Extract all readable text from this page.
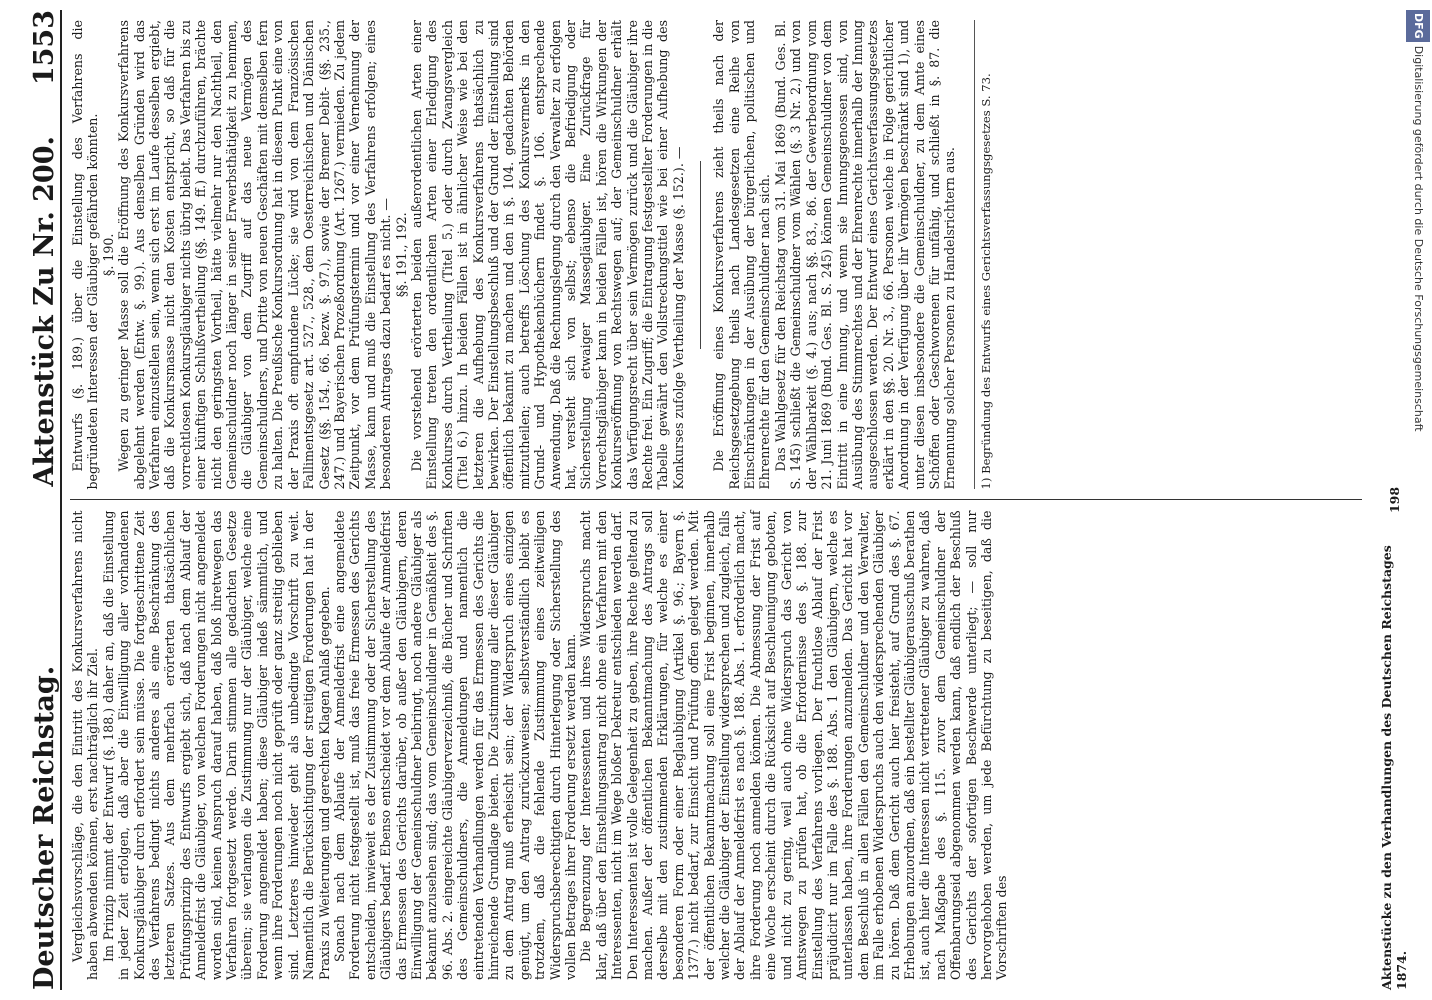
Deutscher Reichstag.
Aktenstück Zu Nr. 200.
1553

Vergleichsvorschläge, die den Eintritt des Konkursverfahrens nicht haben abwenden können, erst nachträglich ihr Ziel. Im Prinzip nimmt der Entwurf (§. 188.) daher an, daß die Einstellung in jeder Zeit erfolgen, daß aber die Einwilligung aller vorhandenen Konkursgläubiger durch erfordert sein müsse. Die fortgeschrittene Zeit des Verfahrens bedingt nichts anderes als eine Beschränkung des letzteren Satzes. Aus dem mehrfach erörterten thatsächlichen Prüfungsprinzip des Entwurfs ergiebt sich, daß nach dem Ablauf der Anmeldefrist die Gläubiger, von welchen Forderungen nicht angemeldet worden sind, keinen Anspruch darauf haben, daß bloß ihretwegen das Verfahren fortgesetzt werde. Darin stimmen alle gedachten Gesetze überein; sie verlangen die Zustimmung nur der Gläubiger, welche eine Forderung angemeldet haben; diese Gläubiger indeß sämmtlich, und wenn ihre Forderungen noch nicht geprüft oder ganz streitig geblieben sind. Letzteres hinwieder geht als unbedingte Vorschrift zu weit. Namentlich die Berücksichtigung der streitigen Forderungen hat in der Praxis zu Weiterungen und gerechten Klagen Anlaß gegeben. Sonach nach dem Ablaufe der Anmeldefrist eine angemeldete Forderung nicht festgestellt ist, muß das freie Ermessen des Gerichts entscheiden, inwieweit es der Zustimmung oder der Sicherstellung des Gläubigers bedarf. Ebenso entscheidet vor dem Ablaufe der Anmeldefrist das Ermessen des Gerichts darüber, ob außer den Gläubigern, deren Einwilligung der Gemeinschuldner beibringt, noch andere Gläubiger als bekannt anzusehen sind; das vom Gemeinschuldner in Gemäßheit des §. 96. Abs. 2. eingereichte Gläubigerverzeichniß, die Bücher und Schriften des Gemeinschuldners, die Anmeldungen und namentlich die eintretenden Verhandlungen werden für das Ermessen des Gerichts die hinreichende Grundlage bieten. Die Zustimmung aller dieser Gläubiger zu dem Antrag muß erheischt sein; der Widerspruch eines einzigen genügt, um den Antrag zurückzuweisen; selbstverständlich bleibt es trotzdem, daß die fehlende Zustimmung eines zeitweiligen Widerspruchsberechtigten durch Hinterlegung oder Sicherstellung des vollen Betrages ihrer Forderung ersetzt werden kann. Die Begrenzung der Interessenten und ihres Widerspruchs macht klar, daß über den Einstellungsantrag nicht ohne ein Verfahren mit den Interessenten, nicht im Wege bloßer Dekretur entschieden werden darf. Den Interessenten ist volle Gelegenheit zu geben, ihre Rechte geltend zu machen. Außer der öffentlichen Bekanntmachung des Antrags soll derselbe mit den zustimmenden Erklärungen, für welche es einer besonderen Form oder einer Beglaubigung (Artikel §. 96.; Bayern §. 1377.) nicht bedarf, zur Einsicht und Prüfung offen gelegt werden. Mit der öffentlichen Bekanntmachung soll eine Frist beginnen, innerhalb welcher die Gläubiger der Einstellung widersprechen und zugleich, falls der Ablauf der Anmeldefrist es nach §. 188. Abs. 1. erforderlich macht, ihre Forderung noch anmelden können. Die Abmessung der Frist auf eine Woche erscheint durch die Rücksicht auf Beschleunigung geboten, und nicht zu gering, weil auch ohne Widerspruch das Gericht von Amtswegen zu prüfen hat, ob die Erfordernisse des §. 188. zur Einstellung des Verfahrens vorliegen. Der fruchtlose Ablauf der Frist präjudicirt nur im Falle des §. 188. Abs. 1 den Gläubigern, welche es unterlassen haben, ihre Forderungen anzumelden. Das Gericht hat vor dem Beschluß in allen Fällen den Gemeinschuldner und den Verwalter, im Falle erhobenen Widerspruchs auch den widersprechenden Gläubiger zu hören. Daß dem Gericht auch hier freisteht, auf Grund des §. 67. Erhebungen anzuordnen, daß ein bestellter Gläubigerausschuß berathen ist, auch hier die Interessen nicht vertretener Gläubiger zu wahren, daß nach Maßgabe des §. 115. zuvor dem Gemeinschuldner der Offenbarungseid abgenommen werden kann, daß endlich der Beschluß des Gerichts der sofortigen Beschwerde unterliegt; — soll nur hervorgehoben werden, um jede Befürchtung zu beseitigen, daß die Vorschriften des

Entwurfs (§. 189.) über die Einstellung des Verfahrens die begründeten Interessen der Gläubiger gefährden könnten. §. 190. Wegen zu geringer Masse soll die Eröffnung des Konkursverfahrens abgelehnt werden (Entw. §. 99.). Aus denselben Gründen wird das Verfahren einzustellen sein, wenn sich erst im Laufe desselben ergiebt, daß die Konkursmasse nicht den Kosten entspricht, so daß für die vorrechtlosen Konkursgläubiger nichts übrig bleibt. Das Verfahren bis zu einer künftigen Schlußvertheilung (§§. 149. ff.) durchzuführen, brächte nicht den geringsten Vortheil, hätte vielmehr nur den Nachtheil, den Gemeinschuldner noch länger in seiner Erwerbsthätigkeit zu hemmen, die Gläubiger von dem Zugriff auf das neue Vermögen des Gemeinschuldners, und Dritte von neuen Geschäften mit demselben fern zu halten. Die Preußische Konkursordnung hat in diesem Punkt eine von der Praxis oft empfundene Lücke; sie wird von dem Französischen Fallimentsgesetz art. 527., 528., dem Oesterreichischen und Dänischen Gesetz (§§. 154., 66. bezw. §. 97.), sowie der Bremer Debit- (§§. 235., 247.) und Bayerischen Prozeßordnung (Art. 1267.) vermieden. Zu jedem Zeitpunkt, vor dem Prüfungstermin und vor einer Vernehmung der Masse, kann und muß die Einstellung des Verfahrens erfolgen; eines besonderen Antrages dazu bedarf es nicht. — §§. 191., 192. Die vorstehend erörterten beiden außerordentlichen Arten einer Einstellung treten den ordentlichen Arten einer Erledigung des Konkurses durch Vertheilung (Titel 5.) oder durch Zwangsvergleich (Titel 6.) hinzu. In beiden Fällen ist in ähnlicher Weise wie bei den letzteren die Aufhebung des Konkursverfahrens thatsächlich zu bewirken. Der Einstellungsbeschluß und der Grund der Einstellung sind öffentlich bekannt zu machen und den in §. 104. gedachten Behörden mitzutheilen; auch betreffs Löschung des Konkursvermerks in den Grund- und Hypothekenbüchern findet §. 106. entsprechende Anwendung. Daß die Rechnungslegung durch den Verwalter zu erfolgen hat, versteht sich von selbst; ebenso die Befriedigung oder Sicherstellung etwaiger Massegläubiger. Eine Zurückfrage für Vorrechtsgläubiger kann in beiden Fällen ist, hören die Wirkungen der Konkurseröffnung von Rechtswegen auf; der Gemeinschuldner erhält das Verfügungsrecht über sein Vermögen zurück und die Gläubiger ihre Rechte frei. Ein Zugriff; die Eintragung festgestellter Forderungen in die Tabelle gewährt den Vollstreckungstitel wie bei einer Aufhebung des Konkurses zufolge Vertheilung der Masse (§. 152.). — Die Eröffnung eines Konkursverfahrens zieht theils nach der Reichsgesetzgebung theils nach Landesgesetzen eine Reihe von Einschränkungen in der Ausübung der bürgerlichen, politischen und Ehrenrechte für den Gemeinschuldner nach sich. Das Wahlgesetz für den Reichstag vom 31. Mai 1869 (Bund. Ges. Bl. S. 145) schließt die Gemeinschuldner vom Wählen (§. 3 Nr. 2.) und von der Wählbarkeit (§. 4.) aus; nach §§. 83., 86. der Gewerbeordnung vom 21. Juni 1869 (Bund. Ges. Bl. S. 245) können Gemeinschuldner von dem Eintritt in eine Innung, und wenn sie Innungsgenossen sind, von Ausübung des Stimmrechtes und der Ehrenrechte innerhalb der Innung ausgeschlossen werden. Der Entwurf eines Gerichtsverfassungsgesetzes erklärt in den §§. 20. Nr. 3., 66. Personen welche in Folge gerichtlicher Anordnung in der Verfügung über ihr Vermögen beschränkt sind 1), und unter diesen insbesondere die Gemeinschuldner, zu dem Amte eines Schöffen oder Geschworenen für unfähig, und schließt in §. 87. die Ernennung solcher Personen zu Handelsrichtern aus.	1) Begründung des Entwurfs eines Gerichtsverfassungsgesetzes S. 73.

Aktenstücke zu den Verhandlungen des Deutschen Reichstages 1874.
198
DFGDigitalisierung gefördert durch die Deutsche Forschungsgemeinschaft
